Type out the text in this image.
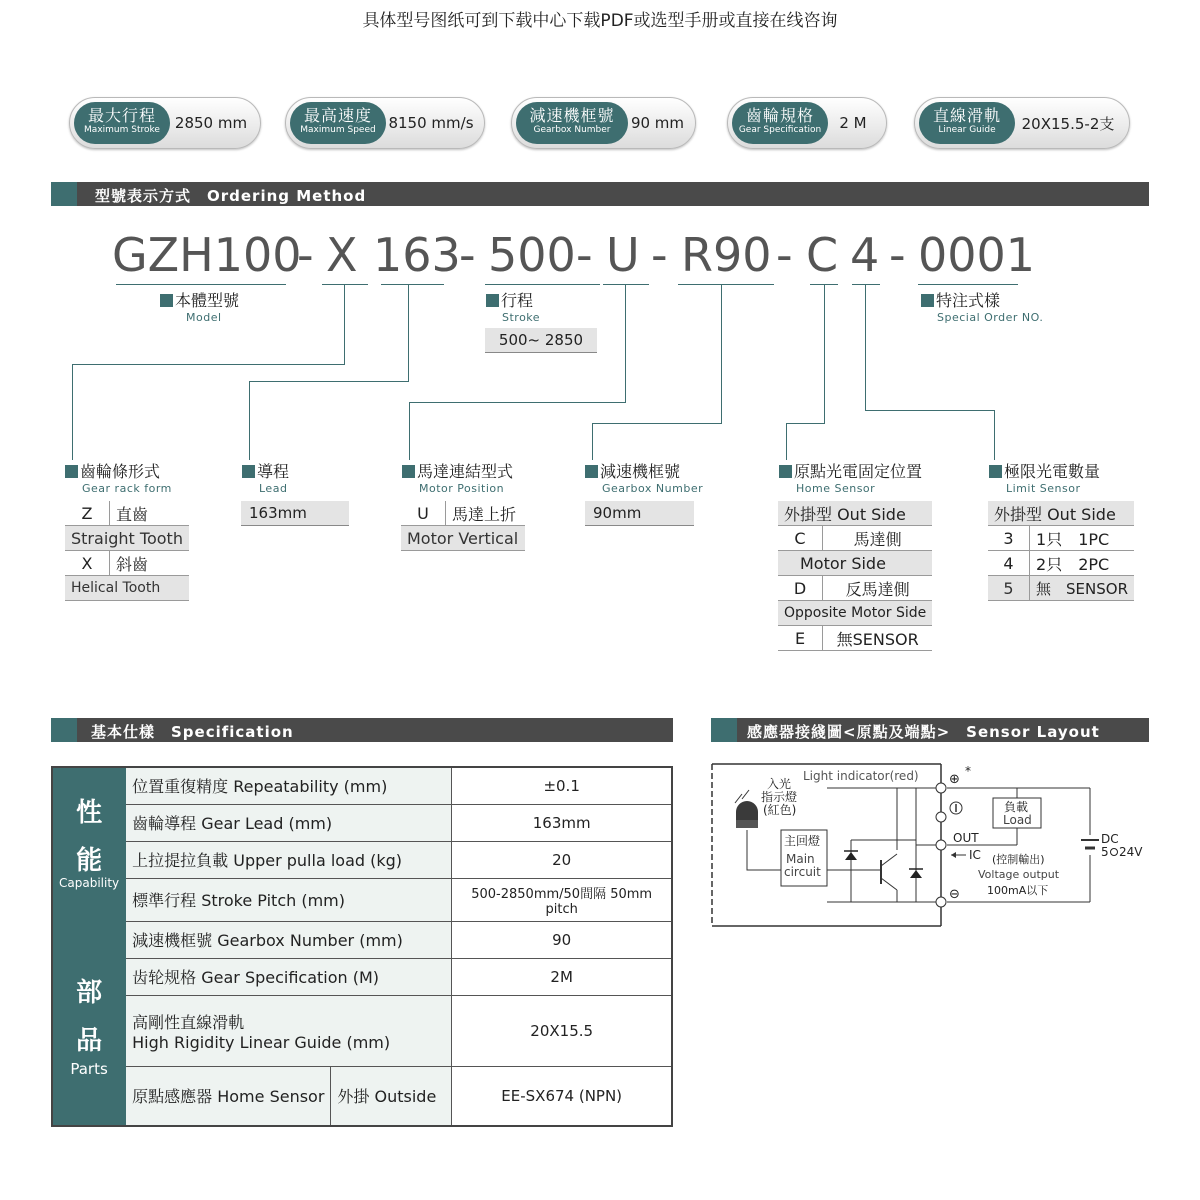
具体型号图纸可到下载中心下载PDF或选型手册或直接在线咨询
最大行程
Maximum Stroke 2850 mm	最高速度
Maximum Speed 8150 mm/s	減速機框號
Gearbox Number	90 mm	齒輪規格
Gear Specification	2 M	直線滑軌
Linear Guide	20X15.5-2支
型號表示方式　Ordering Method
GZH100
- X 163
- 500 - U - R90 - C 4 - 0001
本體型號
Model
行程
Stroke
500~ 2850
特注式樣
Special Order NO.
齒輪條形式
Gear rack form
Z	直齒
Straight Tooth	
X	斜齒
Helical Tooth	
導程
Lead
163mm
馬達連結型式
Motor Position
U	馬達上折
Motor Vertical
減速機框號
Gearbox Number
90mm
原點光電固定位置
Home Sensor
外掛型 Out Side	
C	馬達側
Motor Side	
D	反馬達側
Opposite Motor Side	
E	無SENSOR
極限光電數量
Limit Sensor
外掛型 Out Side	
3	1只　1PC
4	2只　2PC
5	無　SENSOR
基本仕樣　Specification	感應器接綫圖<原點及端點>　Sensor Layout
性
能
Capability	位置重復精度 Repeatability (mm)		±0.1
	齒輪導程 Gear Lead (mm)		163mm
	上拉提拉負載 Upper pulla load (kg)		20
	標準行程 Stroke Pitch (mm)		500-2850mm/50間隔 50mm pitch

部
品
Parts	減速機框號 Gearbox Number (mm)		90
	齿轮规格 Gear Specification (M)		2M

	高剛性直線滑軌
High Rigidity Linear Guide (mm)		20X15.5
	原點感應器 Home Sensor	外掛 Outside	EE-SX674 (NPN)
入光
指示燈
(紅色)
Light indicator(red)
主回燈
Main
circuit
⊕
*
OUT
IC (控制輸出)
Voltage output
100mA以下
⊖
負載
Load
DC
5 24V
